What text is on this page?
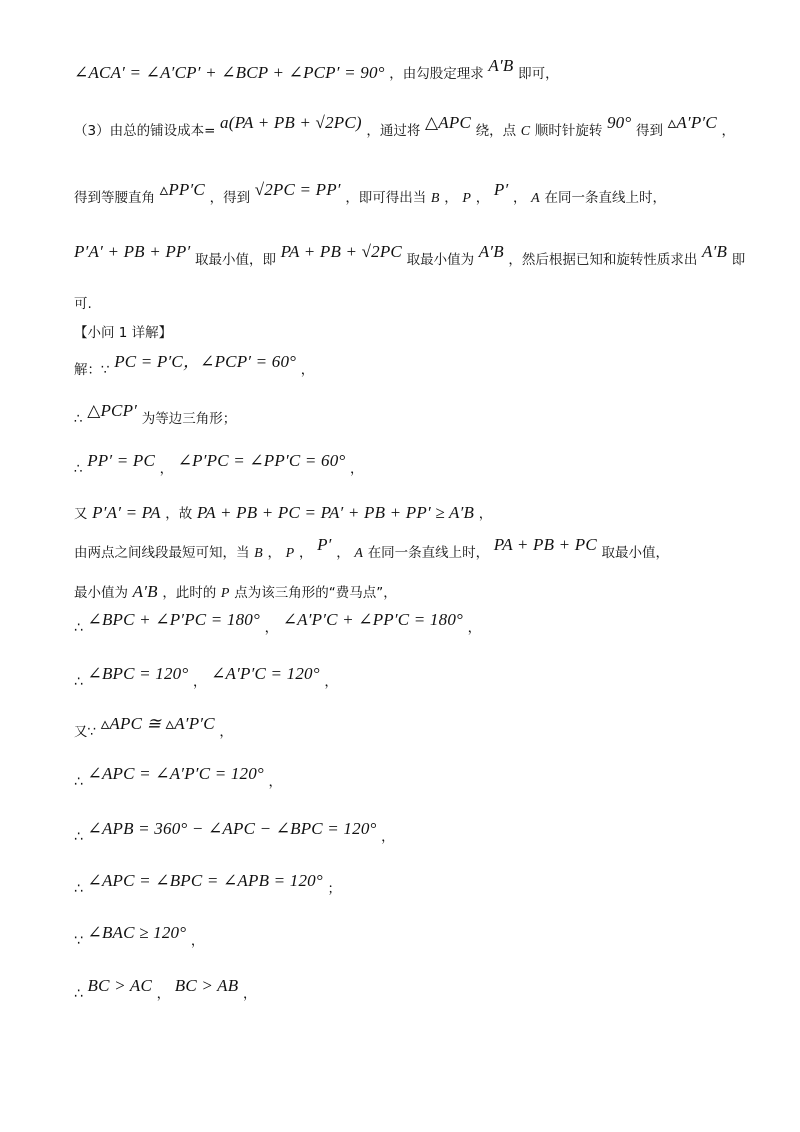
∠ACA′ = ∠A′CP′ + ∠BCP + ∠PCP′ = 90° ，由勾股定理求 A′B 即可，
（3）由总的铺设成本= a(PA + PB + √2PC) ，通过将 △APC 绕，点 C 顺时针旋转 90° 得到 ▵A′P′C ，
得到等腰直角 ▵PP′C ，得到 √2PC = PP′ ，即可得出当 B ， P ， P′ ， A 在同一条直线上时，
P′A′ + PB + PP′ 取最小值，即 PA + PB + √2PC 取最小值为 A′B ，然后根据已知和旋转性质求出 A′B 即
可.
【小问 1 详解】
解：∵ PC = P′C，∠PCP′ = 60° ，
∴ △PCP′ 为等边三角形；
∴ PP′ = PC ， ∠P′PC = ∠PP′C = 60° ，
又 P′A′ = PA ，故 PA + PB + PC = PA′ + PB + PP′ ≥ A′B ，
由两点之间线段最短可知，当 B ， P ， P′ ， A 在同一条直线上时， PA + PB + PC 取最小值，
最小值为 A′B ，此时的 P 点为该三角形的“费马点”，
∴ ∠BPC + ∠P′PC = 180° ， ∠A′P′C + ∠PP′C = 180° ，
∴ ∠BPC = 120° ， ∠A′P′C = 120° ，
又∵ ▵APC ≅ ▵A′P′C ，
∴ ∠APC = ∠A′P′C = 120° ，
∴ ∠APB = 360° − ∠APC − ∠BPC = 120° ，
∴ ∠APC = ∠BPC = ∠APB = 120° ；
∵ ∠BAC ≥ 120° ，
∴ BC > AC ， BC > AB ，
